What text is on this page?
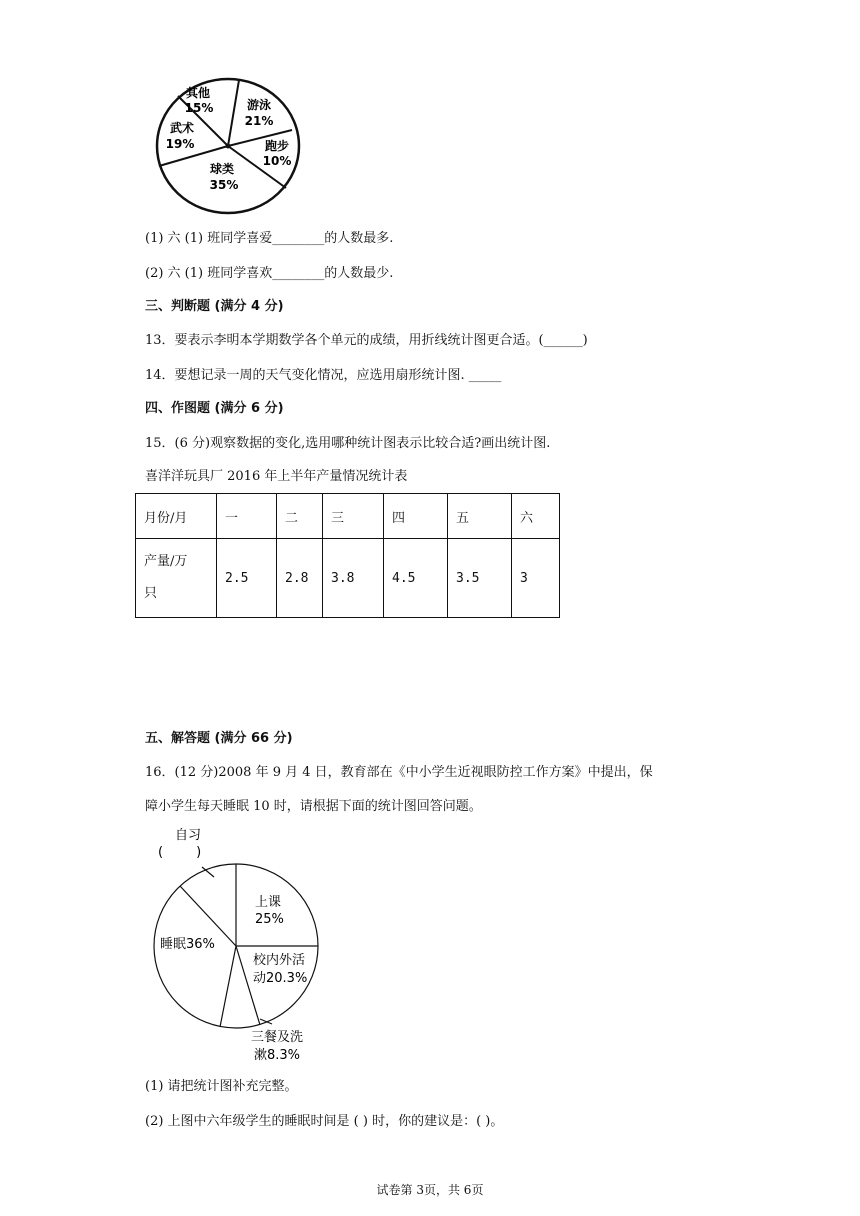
其他
15%	游泳
21%
跑步
10%
武术
19%
球类
35%
(1) 六 (1) 班同学喜爱________的人数最多.
(2) 六 (1) 班同学喜欢________的人数最少.
三、判断题 (满分 4 分)
13．要表示李明本学期数学各个单元的成绩，用折线统计图更合适。(______)
14．要想记录一周的天气变化情况，应选用扇形统计图. _____
四、作图题 (满分 6 分)
15．(6 分)观察数据的变化,选用哪种统计图表示比较合适?画出统计图.
喜洋洋玩具厂 2016 年上半年产量情况统计表
月份/月	一	二	三	四	五	六

产量/万
只	2.5	2.8	3.8	4.5	3.5	3
五、解答题 (满分 66 分)
16．(12 分)2008 年 9 月 4 日，教育部在《中小学生近视眼防控工作方案》中提出，保
障小学生每天睡眠 10 时，请根据下面的统计图回答问题。
自习
(        )
上课
25%
校内外活
动20.3%
睡眠36%
三餐及洗
漱8.3%
(1) 请把统计图补充完整。
(2) 上图中六年级学生的睡眠时间是 ( ) 时，你的建议是：( )。
试卷第 3页，共 6页
